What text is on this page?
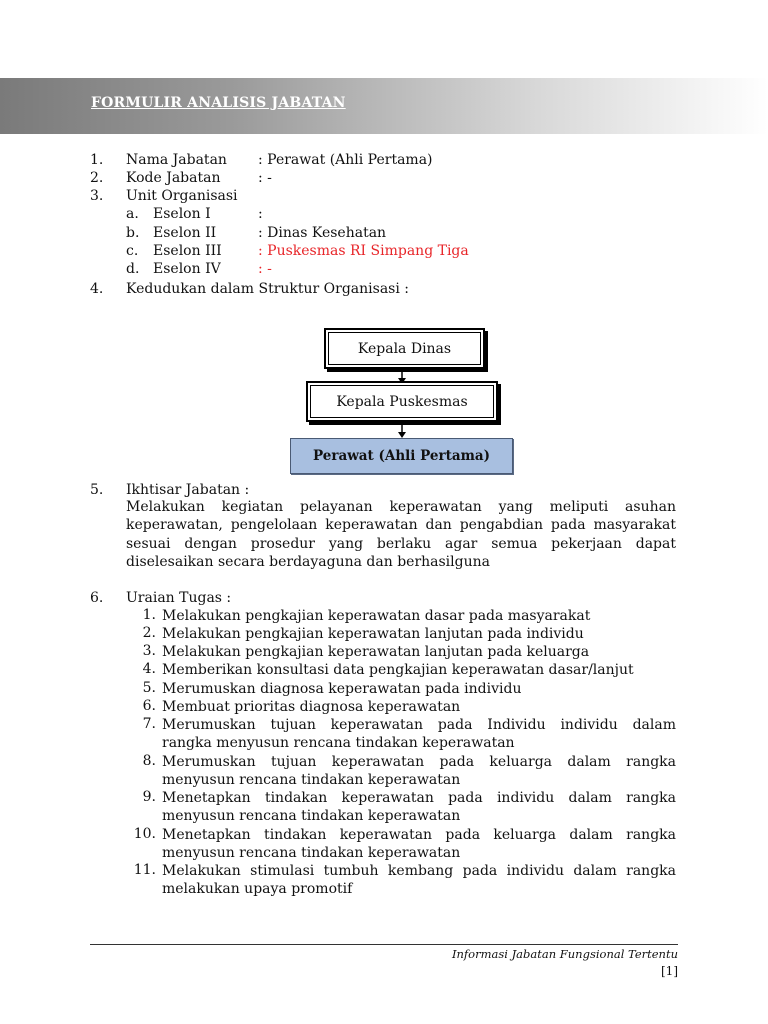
FORMULIR ANALISIS JABATAN
1. Nama Jabatan : Perawat (Ahli Pertama)
2. Kode Jabatan	: -
3. Unit Organisasi
a. Eselon I	:
b. Eselon II	: Dinas Kesehatan
c. Eselon III	: Puskesmas RI Simpang Tiga
d. Eselon IV	: -
4. Kedudukan dalam Struktur Organisasi :
Kepala Dinas
Kepala Puskesmas
Perawat (Ahli Pertama)
5. Ikhtisar Jabatan :
Melakukan kegiatan pelayanan keperawatan yang meliputi asuhan
keperawatan, pengelolaan keperawatan dan pengabdian pada masyarakat
sesuai dengan prosedur yang berlaku agar semua pekerjaan dapat
diselesaikan secara berdayaguna dan berhasilguna
6. Uraian Tugas :
1. Melakukan pengkajian keperawatan dasar pada masyarakat
2. Melakukan pengkajian keperawatan lanjutan pada individu
3. Melakukan pengkajian keperawatan lanjutan pada keluarga
4. Memberikan konsultasi data pengkajian keperawatan dasar/lanjut
5. Merumuskan diagnosa keperawatan pada individu
6. Membuat prioritas diagnosa keperawatan
7. Merumuskan tujuan keperawatan pada Individu individu dalam
rangka menyusun rencana tindakan keperawatan
8. Merumuskan tujuan keperawatan pada keluarga dalam rangka
menyusun rencana tindakan keperawatan
9. Menetapkan tindakan keperawatan pada individu dalam rangka
menyusun rencana tindakan keperawatan
10. Menetapkan tindakan keperawatan pada keluarga dalam rangka
menyusun rencana tindakan keperawatan
11. Melakukan stimulasi tumbuh kembang pada individu dalam rangka
melakukan upaya promotif
Informasi Jabatan Fungsional Tertentu
[1]
